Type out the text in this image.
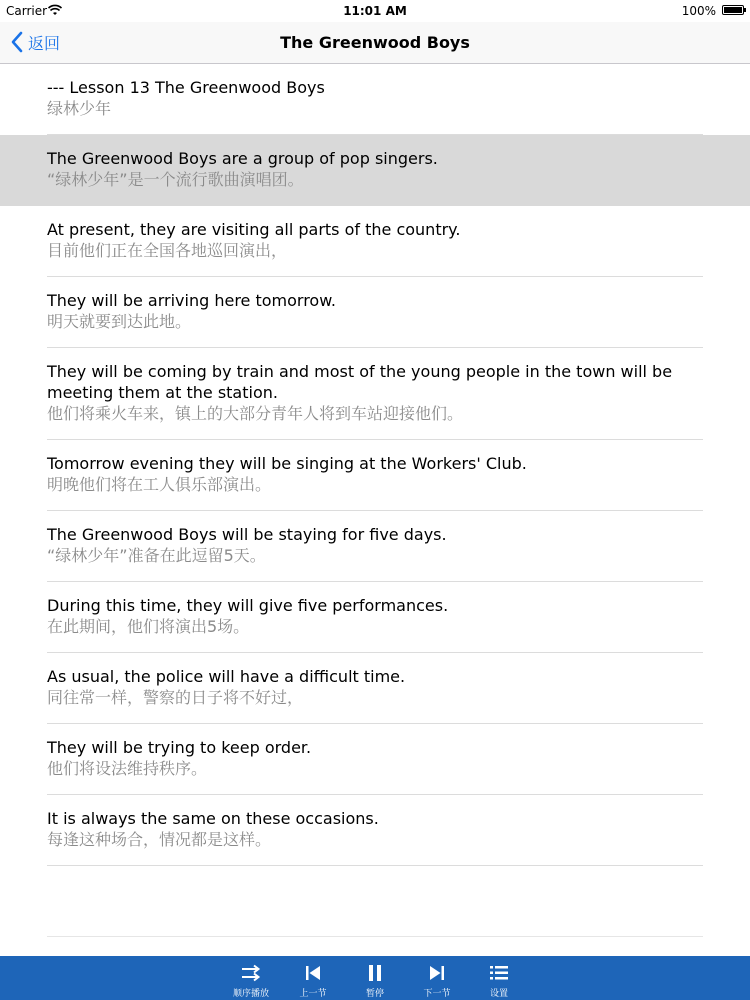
Carrier	11:01 AM	100%
返回	The Greenwood Boys
--- Lesson 13 The Greenwood Boys
绿林少年
The Greenwood Boys are a group of pop singers.
“绿林少年”是一个流行歌曲演唱团。
At present, they are visiting all parts of the country.
目前他们正在全国各地巡回演出，
They will be arriving here tomorrow.
明天就要到达此地。
They will be coming by train and most of the young people in the town will be meeting them at the station.
他们将乘火车来，镇上的大部分青年人将到车站迎接他们。
Tomorrow evening they will be singing at the Workers' Club.
明晚他们将在工人俱乐部演出。
The Greenwood Boys will be staying for five days.
“绿林少年”准备在此逗留5天。
During this time, they will give five performances.
在此期间，他们将演出5场。
As usual, the police will have a difficult time.
同往常一样，警察的日子将不好过，
They will be trying to keep order.
他们将设法维持秩序。
It is always the same on these occasions.
每逢这种场合，情况都是这样。
顺序播放	上一节	暂停	下一节	设置
